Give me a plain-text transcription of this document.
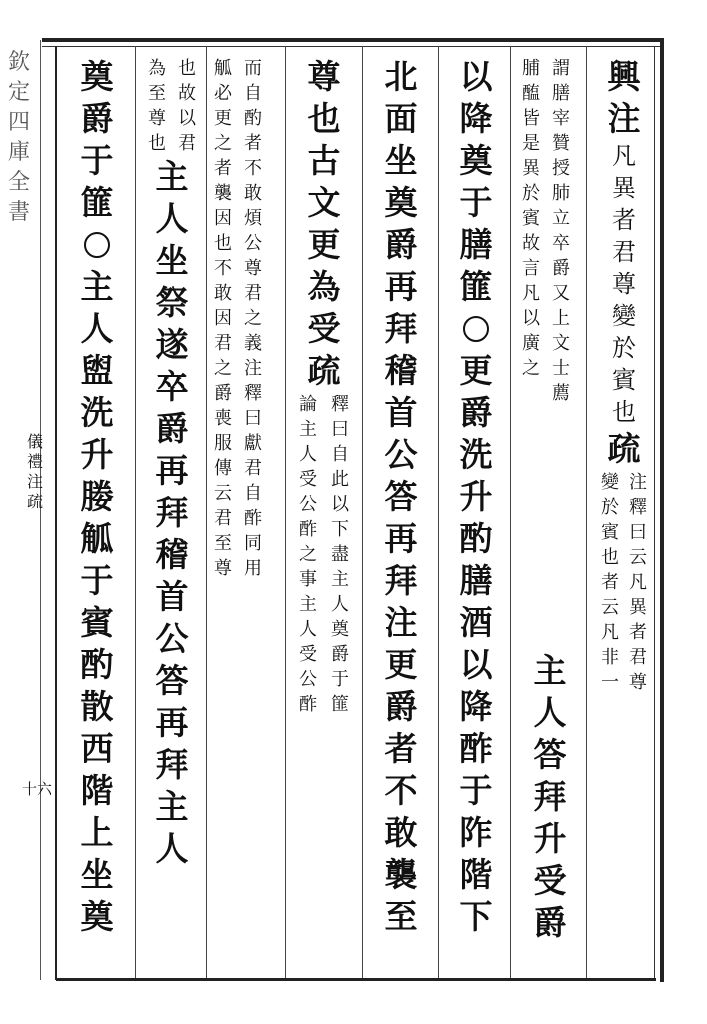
欽
定
四
庫
全
書
儀
禮
注
疏
十六
興
注
凡
異
者
君
尊
變
於
賓
也
疏
注
釋
曰
云
凡
異
者
君
尊
變
於
賓
也
者
云
凡
非
一
謂
膳
宰
贊
授
肺
立
卒
爵
又
上
文
士
薦
脯
醢
皆
是
異
於
賓
故
言
凡
以
廣
之
以
降
奠
于
膳
篚
更
爵
洗
升
酌
膳
酒
以
降
酢
于
阼
階
下
北
面
坐
奠
爵
再
拜
稽
首
公
答
再
拜
注
更
爵
者
不
敢
襲
至
尊
也
古
文
更
為
受
疏
釋
曰
自
此
以
下
盡
主
人
奠
爵
于
篚
論
主
人
受
公
酢
之
事
主
人
受
公
酢
而
自
酌
者
不
敢
煩
公
尊
君
之
義
注
釋
曰
獻
君
自
酢
同
用
觚
必
更
之
者
襲
因
也
不
敢
因
君
之
爵
喪
服
傳
云
君
至
尊
也
故
以
君
為
至
尊
也
主
人
坐
祭
遂
卒
爵
再
拜
稽
首
公
答
再
拜
主
人
奠
爵
于
篚
主
人
盥
洗
升
媵
觚
于
賓
酌
散
西
階
上
坐
奠
主
人
答
拜
升
受
爵
